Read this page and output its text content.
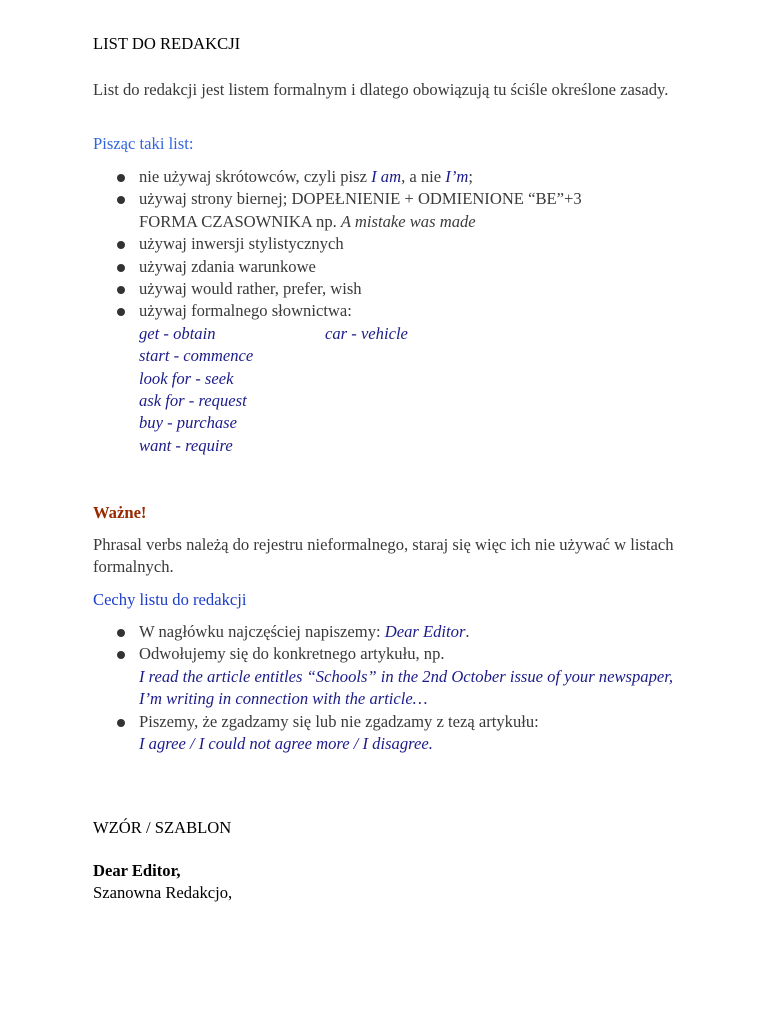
LIST DO REDAKCJI

List do redakcji jest listem formalnym i dlatego obowiązują tu ściśle określone zasady.

Pisząc taki list:

nie używaj skrótowców, czyli pisz I am, a nie I’m;
używaj strony biernej; DOPEŁNIENIE + ODMIENIONE “BE”+3 FORMA CZASOWNIKA np. A mistake was made
używaj inwersji stylistycznych
używaj zdania warunkowe
używaj would rather, prefer, wish
używaj formalnego słownictwa:
get - obtain	car - vehicle
start - commence
look for - seek
ask for - request
buy - purchase
want - require

Ważne!

Phrasal verbs należą do rejestru nieformalnego, staraj się więc ich nie używać w listach formalnych.

Cechy listu do redakcji

W nagłówku najczęściej napiszemy: Dear Editor.
Odwołujemy się do konkretnego artykułu, np.
I read the article entitles “Schools” in the 2nd October issue of your newspaper, I’m writing in connection with the article…
Piszemy, że zgadzamy się lub nie zgadzamy z tezą artykułu:
I agree / I could not agree more / I disagree.

WZÓR / SZABLON

Dear Editor,

Szanowna Redakcjo,
